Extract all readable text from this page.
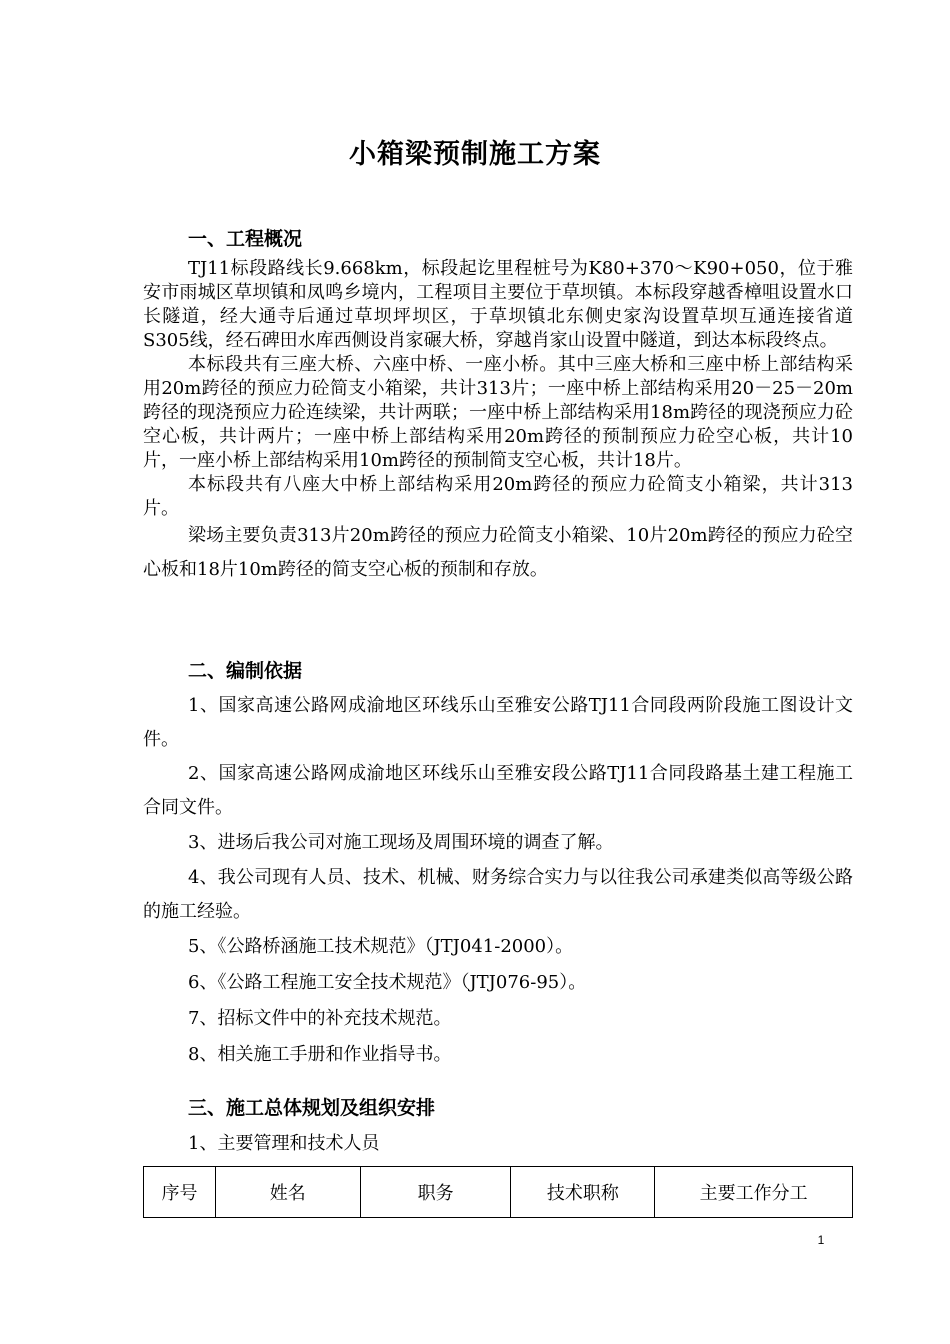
小箱梁预制施工方案
一、工程概况

TJ11标段路线长9.668km，标段起讫里程桩号为K80+370～K90+050，位于雅安市雨城区草坝镇和凤鸣乡境内，工程项目主要位于草坝镇。本标段穿越香樟咀设置水口长隧道，经大通寺后通过草坝坪坝区，于草坝镇北东侧史家沟设置草坝互通连接省道S305线，经石碑田水库西侧设肖家碾大桥，穿越肖家山设置中隧道，到达本标段终点。

本标段共有三座大桥、六座中桥、一座小桥。其中三座大桥和三座中桥上部结构采用20m跨径的预应力砼简支小箱梁，共计313片；一座中桥上部结构采用20－25－20m跨径的现浇预应力砼连续梁，共计两联；一座中桥上部结构采用18m跨径的现浇预应力砼空心板，共计两片；一座中桥上部结构采用20m跨径的预制预应力砼空心板，共计10片，一座小桥上部结构采用10m跨径的预制简支空心板，共计18片。

本标段共有八座大中桥上部结构采用20m跨径的预应力砼简支小箱梁，共计313片。

梁场主要负责313片20m跨径的预应力砼简支小箱梁、10片20m跨径的预应力砼空心板和18片10m跨径的简支空心板的预制和存放。

二、编制依据

1、国家高速公路网成渝地区环线乐山至雅安公路TJ11合同段两阶段施工图设计文件。

2、国家高速公路网成渝地区环线乐山至雅安段公路TJ11合同段路基土建工程施工合同文件。

3、进场后我公司对施工现场及周围环境的调查了解。

4、我公司现有人员、技术、机械、财务综合实力与以往我公司承建类似高等级公路的施工经验。

5、《公路桥涵施工技术规范》（JTJ041-2000）。

6、《公路工程施工安全技术规范》（JTJ076-95）。

7、招标文件中的补充技术规范。

8、相关施工手册和作业指导书。

三、施工总体规划及组织安排

1、主要管理和技术人员

序号	姓名	职务	技术职称	主要工作分工
1
